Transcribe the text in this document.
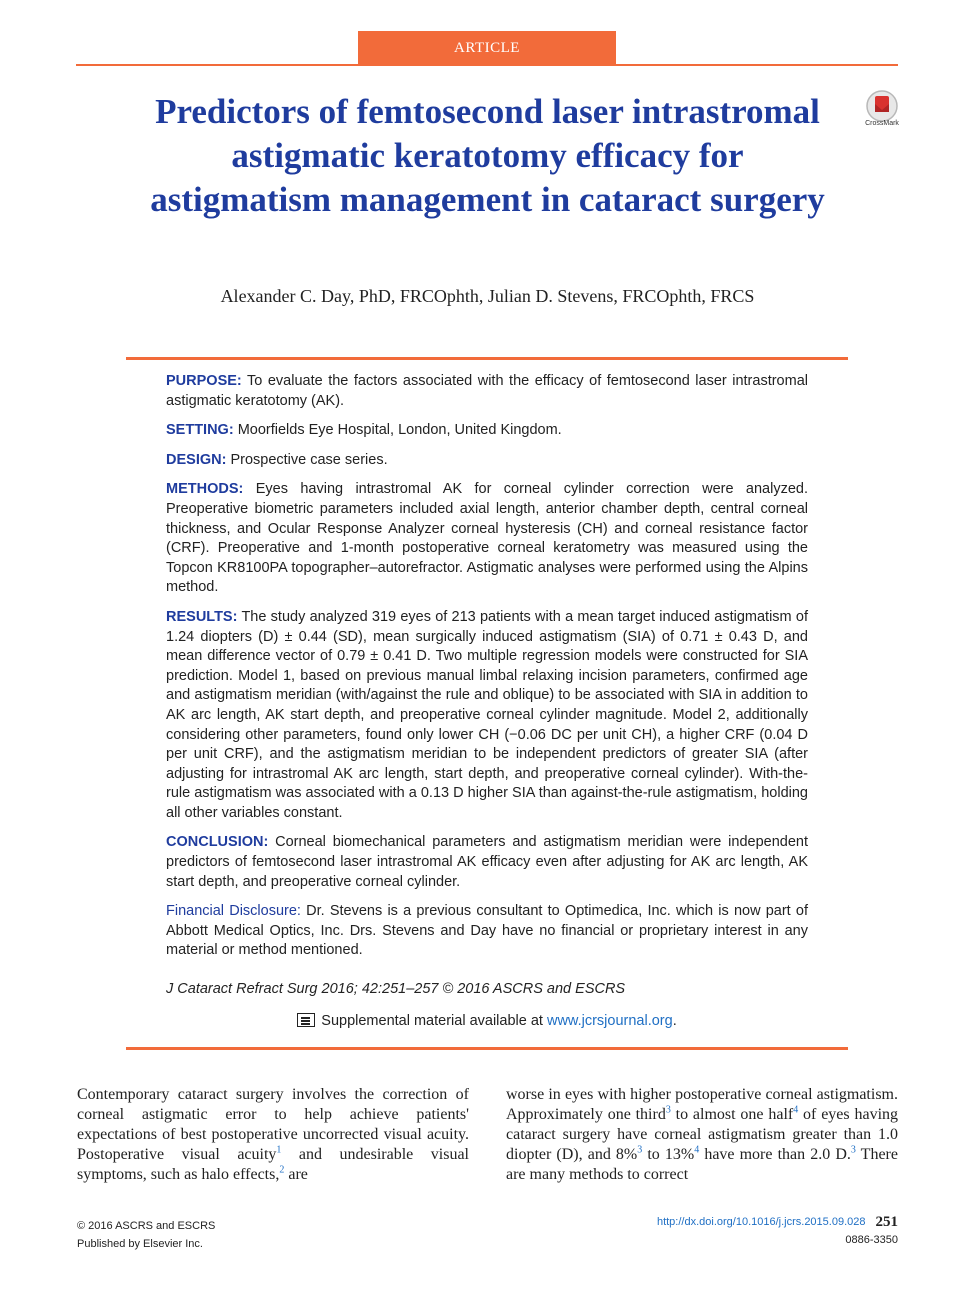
ARTICLE
Predictors of femtosecond laser intrastromal astigmatic keratotomy efficacy for astigmatism management in cataract surgery
CrossMark
Alexander C. Day, PhD, FRCOphth, Julian D. Stevens, FRCOphth, FRCS

PURPOSE: To evaluate the factors associated with the efficacy of femtosecond laser intrastromal astigmatic keratotomy (AK).

SETTING: Moorfields Eye Hospital, London, United Kingdom.

DESIGN: Prospective case series.

METHODS: Eyes having intrastromal AK for corneal cylinder correction were analyzed. Preoperative biometric parameters included axial length, anterior chamber depth, central corneal thickness, and Ocular Response Analyzer corneal hysteresis (CH) and corneal resistance factor (CRF). Preoperative and 1-month postoperative corneal keratometry was measured using the Topcon KR8100PA topographer–autorefractor. Astigmatic analyses were performed using the Alpins method.

RESULTS: The study analyzed 319 eyes of 213 patients with a mean target induced astigmatism of 1.24 diopters (D) ± 0.44 (SD), mean surgically induced astigmatism (SIA) of 0.71 ± 0.43 D, and mean difference vector of 0.79 ± 0.41 D. Two multiple regression models were constructed for SIA prediction. Model 1, based on previous manual limbal relaxing incision parameters, confirmed age and astigmatism meridian (with/against the rule and oblique) to be associated with SIA in addition to AK arc length, AK start depth, and preoperative corneal cylinder magnitude. Model 2, additionally considering other parameters, found only lower CH (−0.06 DC per unit CH), a higher CRF (0.04 D per unit CRF), and the astigmatism meridian to be independent predictors of greater SIA (after adjusting for intrastromal AK arc length, start depth, and preoperative corneal cylinder). With-the-rule astigmatism was associated with a 0.13 D higher SIA than against-the-rule astigmatism, holding all other variables constant.

CONCLUSION: Corneal biomechanical parameters and astigmatism meridian were independent predictors of femtosecond laser intrastromal AK efficacy even after adjusting for AK arc length, AK start depth, and preoperative corneal cylinder.

Financial Disclosure: Dr. Stevens is a previous consultant to Optimedica, Inc. which is now part of Abbott Medical Optics, Inc. Drs. Stevens and Day have no financial or proprietary interest in any material or method mentioned.

J Cataract Refract Surg 2016; 42:251–257 © 2016 ASCRS and ESCRS
Supplemental material available at www.jcrsjournal.org.
Contemporary cataract surgery involves the correction of corneal astigmatic error to help achieve patients' expectations of best postoperative uncorrected visual acuity. Postoperative visual acuity$^1$ and undesirable visual symptoms, such as halo effects,$^2$ are
worse in eyes with higher postoperative corneal astigmatism. Approximately one third$^3$ to almost one half$^4$ of eyes having cataract surgery have corneal astigmatism greater than 1.0 diopter (D), and 8%$^3$ to 13%$^4$ have more than 2.0 D.$^3$ There are many methods to correct
© 2016 ASCRS and ESCRS
Published by Elsevier Inc.
http://dx.doi.org/10.1016/j.jcrs.2015.09.028 251
0886-3350
